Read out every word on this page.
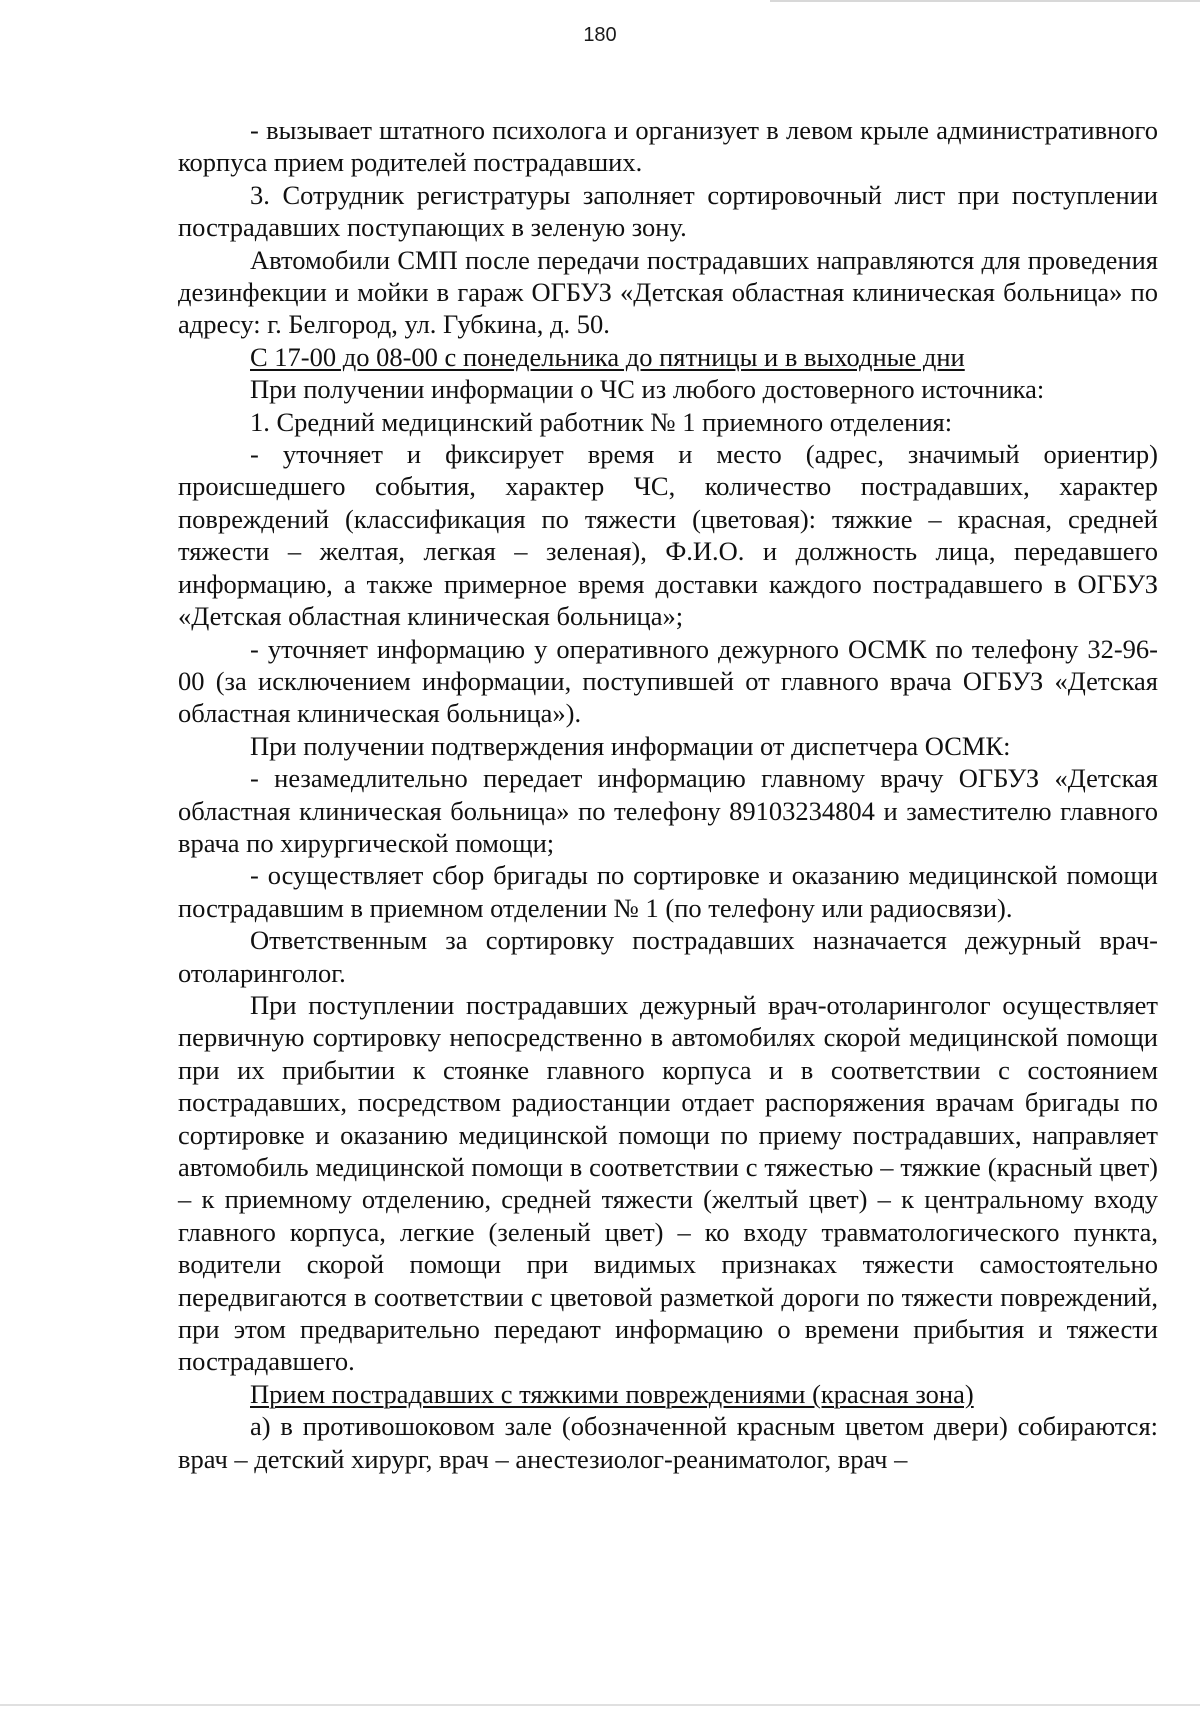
180

- вызывает штатного психолога и организует в левом крыле административного корпуса прием родителей пострадавших.

3. Сотрудник регистратуры заполняет сортировочный лист при поступлении пострадавших поступающих в зеленую зону.

Автомобили СМП после передачи пострадавших направляются для проведения дезинфекции и мойки в гараж ОГБУЗ «Детская областная клиническая больница» по адресу: г. Белгород, ул. Губкина, д. 50.

С 17-00 до 08-00 с понедельника до пятницы и в выходные дни

При получении информации о ЧС из любого достоверного источника:

1. Средний медицинский работник № 1 приемного отделения:

- уточняет и фиксирует время и место (адрес, значимый ориентир) происшедшего события, характер ЧС, количество пострадавших, характер повреждений (классификация по тяжести (цветовая): тяжкие – красная, средней тяжести – желтая, легкая – зеленая), Ф.И.О. и должность лица, передавшего информацию, а также примерное время доставки каждого пострадавшего в ОГБУЗ «Детская областная клиническая больница»;

- уточняет информацию у оперативного дежурного ОСМК по телефону 32-96-00 (за исключением информации, поступившей от главного врача ОГБУЗ «Детская областная клиническая больница»).

При получении подтверждения информации от диспетчера ОСМК:

- незамедлительно передает информацию главному врачу ОГБУЗ «Детская областная клиническая больница» по телефону 89103234804 и заместителю главного врача по хирургической помощи;

- осуществляет сбор бригады по сортировке и оказанию медицинской помощи пострадавшим в приемном отделении № 1 (по телефону или радиосвязи).

Ответственным за сортировку пострадавших назначается дежурный врач-отоларинголог.

При поступлении пострадавших дежурный врач-отоларинголог осуществляет первичную сортировку непосредственно в автомобилях скорой медицинской помощи при их прибытии к стоянке главного корпуса и в соответствии с состоянием пострадавших, посредством радиостанции отдает распоряжения врачам бригады по сортировке и оказанию медицинской помощи по приему пострадавших, направляет автомобиль медицинской помощи в соответствии с тяжестью – тяжкие (красный цвет) – к приемному отделению, средней тяжести (желтый цвет) – к центральному входу главного корпуса, легкие (зеленый цвет) – ко входу травматологического пункта, водители скорой помощи при видимых признаках тяжести самостоятельно передвигаются в соответствии с цветовой разметкой дороги по тяжести повреждений, при этом предварительно передают информацию о времени прибытия и тяжести пострадавшего.

Прием пострадавших с тяжкими повреждениями (красная зона)

а) в противошоковом зале (обозначенной красным цветом двери) собираются: врач – детский хирург, врач – анестезиолог-реаниматолог, врач –
